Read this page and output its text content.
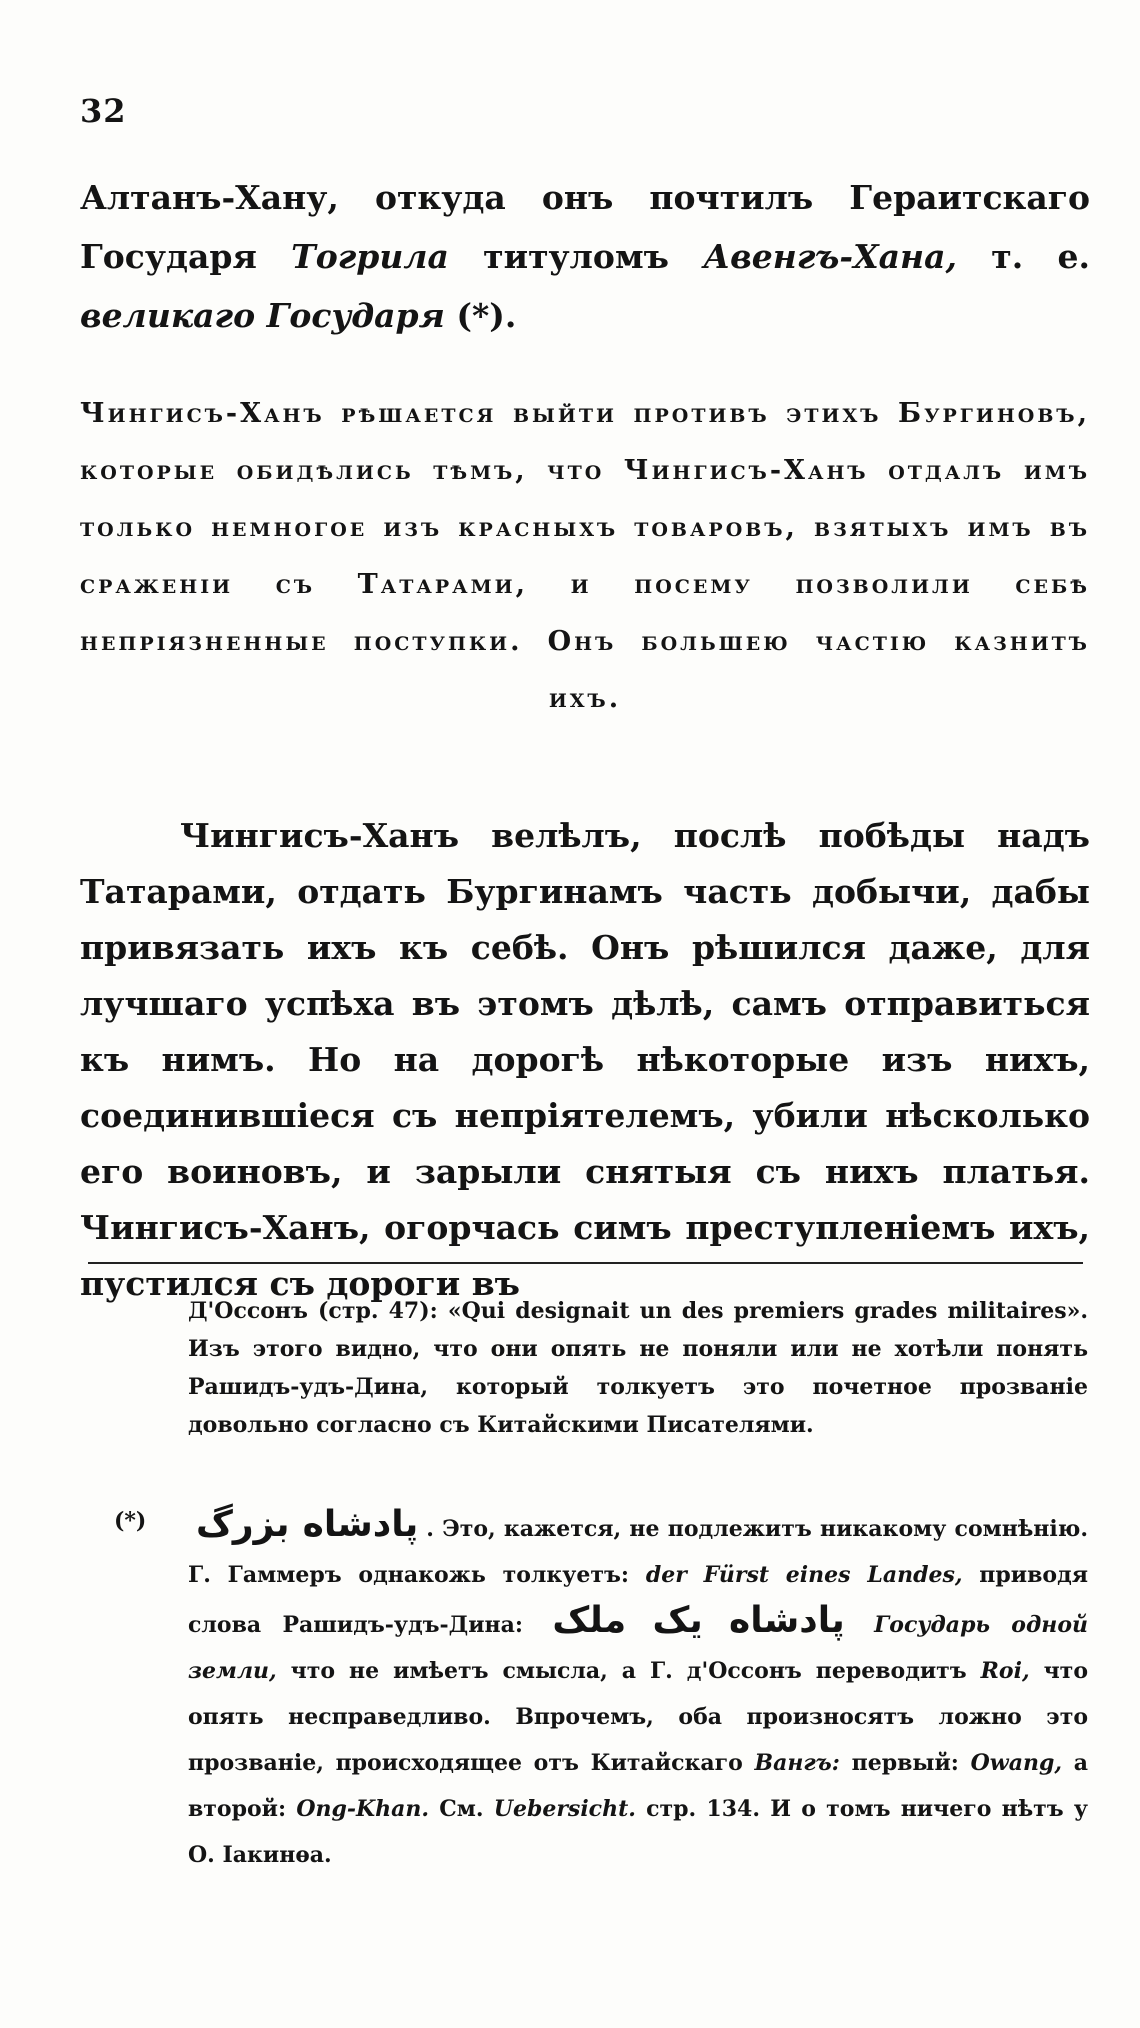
32
Алтанъ-Хану, откуда онъ почтилъ Гераитскаго Государя Тогрила титуломъ Авенгъ-Хана, т. е. великаго Государя (*).
Чингисъ-Ханъ рѣшается выйти противъ этихъ Бургиновъ, которые обидѣлись тѣмъ, что Чингисъ-Ханъ отдалъ имъ только немногое изъ красныхъ товаровъ, взятыхъ имъ въ сраженіи съ Татарами, и посему позволили себѣ непріязненные поступки. Онъ большею частію казнитъ ихъ.
Чингисъ-Ханъ велѣлъ, послѣ побѣды надъ Татарами, отдать Бургинамъ часть добычи, дабы привязать ихъ къ себѣ. Онъ рѣшился даже, для лучшаго успѣха въ этомъ дѣлѣ, самъ отправиться къ нимъ. Но на дорогѣ нѣкоторые изъ нихъ, соединившіеся съ непріятелемъ, убили нѣсколько его воиновъ, и зарыли снятыя съ нихъ платья. Чингисъ-Ханъ, огорчась симъ преступленіемъ ихъ, пустился съ дороги въ
Д'Оссонъ (стр. 47): «Qui designait un des premiers grades militaires». Изъ этого видно, что они опять не поняли или не хотѣли понять Рашидъ-удъ-Дина, который толкуетъ это почетное прозваніе довольно согласно съ Китайскими Писателями.
(*) پادشاه بزرگ . Это, кажется, не подлежитъ никакому сомнѣнію. Г. Гаммеръ однакожь толкуетъ: der Fürst eines Landes, приводя слова Рашидъ-удъ-Дина: پادشاه یک ملک Государь одной земли, что не имѣетъ смысла, а Г. д'Оссонъ переводитъ Roi, что опять несправедливо. Впрочемъ, оба произносятъ ложно это прозваніе, происходящее отъ Китайскаго Вангъ: первый: Owang, а второй: Ong-Khan. См. Uebersicht. стр. 134. И о томъ ничего нѣтъ у О. Іакинѳа.
